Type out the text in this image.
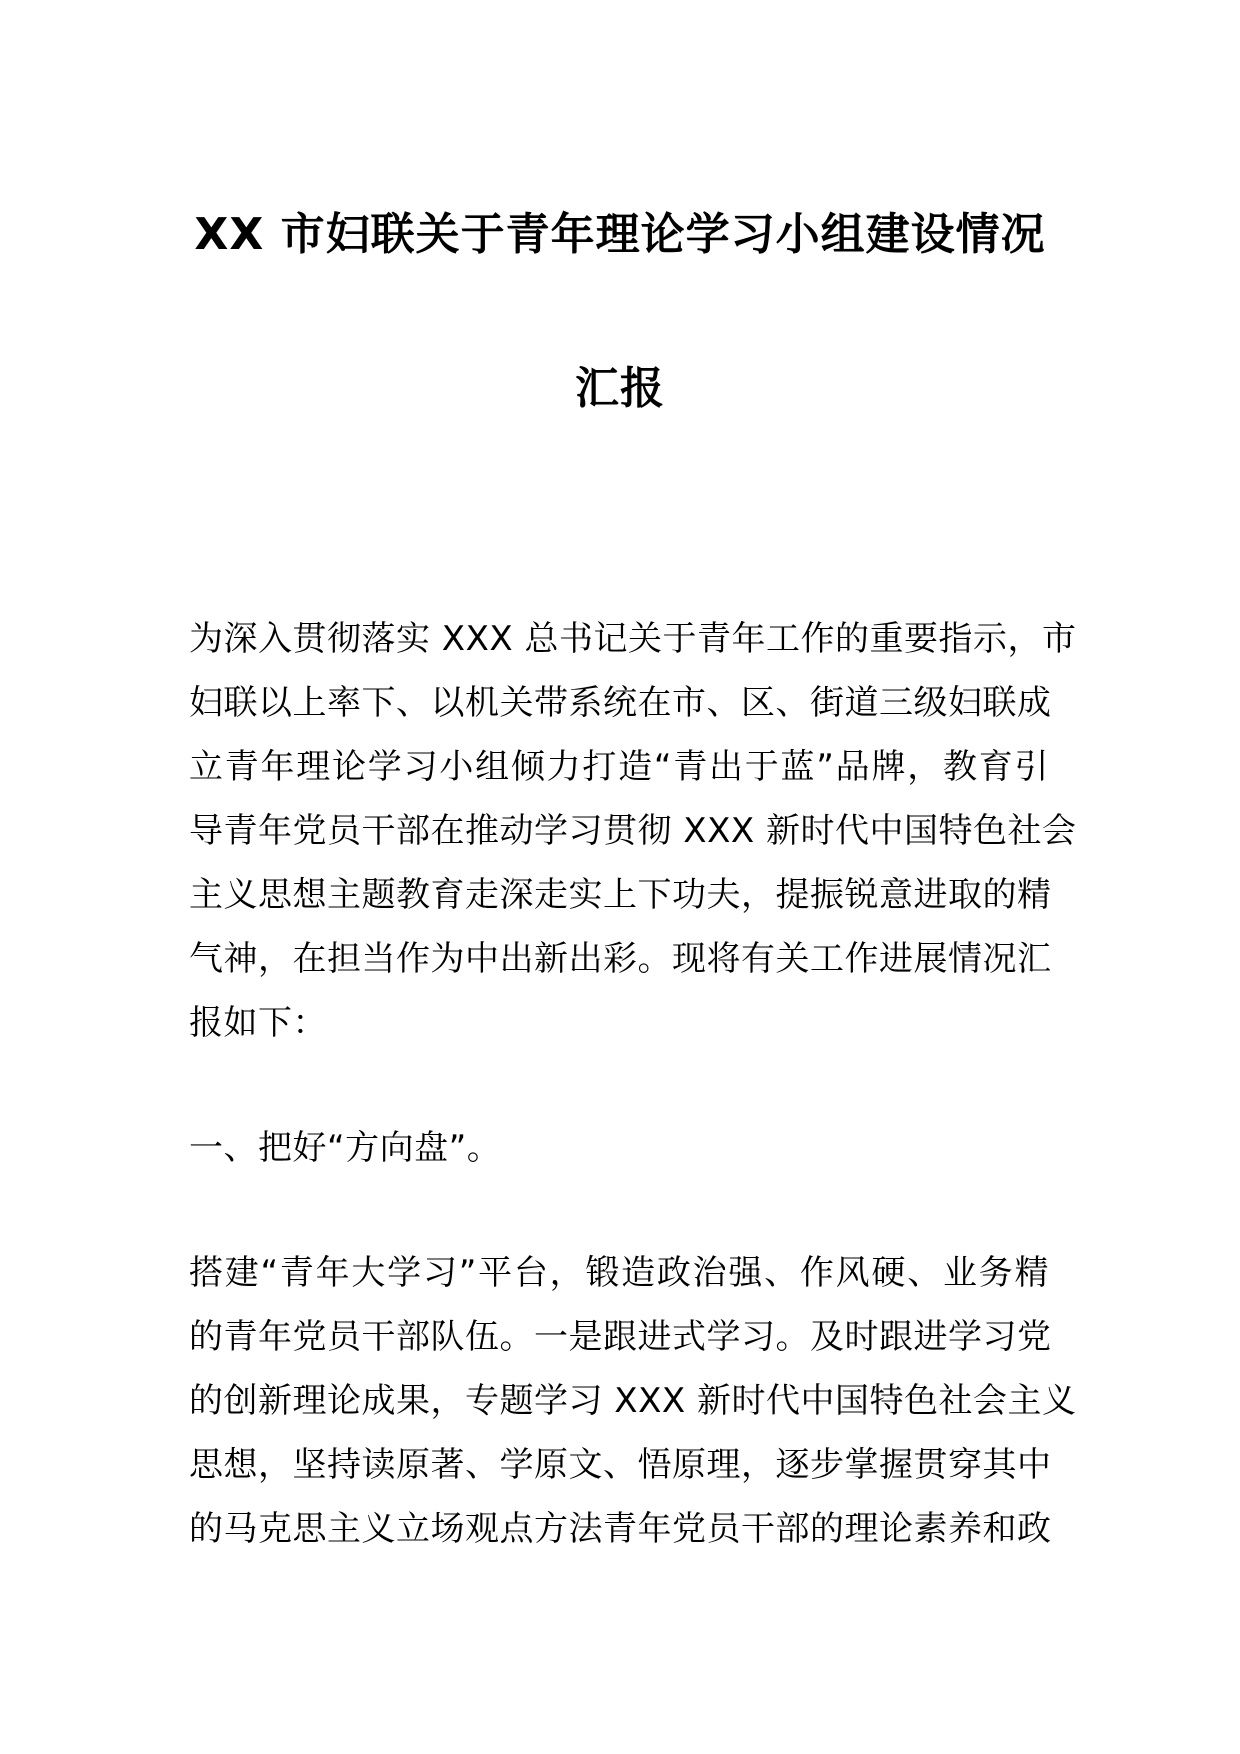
XX 市妇联关于青年理论学习小组建设情况
汇报
为深入贯彻落实 XXX 总书记关于青年工作的重要指示，市
妇联以上率下、以机关带系统在市、区、街道三级妇联成
立青年理论学习小组倾力打造“青出于蓝”品牌，教育引
导青年党员干部在推动学习贯彻 XXX 新时代中国特色社会
主义思想主题教育走深走实上下功夫，提振锐意进取的精
气神，在担当作为中出新出彩。现将有关工作进展情况汇
报如下：
一、把好“方向盘”。
搭建“青年大学习”平台，锻造政治强、作风硬、业务精
的青年党员干部队伍。一是跟进式学习。及时跟进学习党
的创新理论成果，专题学习 XXX 新时代中国特色社会主义
思想，坚持读原著、学原文、悟原理，逐步掌握贯穿其中
的马克思主义立场观点方法青年党员干部的理论素养和政
